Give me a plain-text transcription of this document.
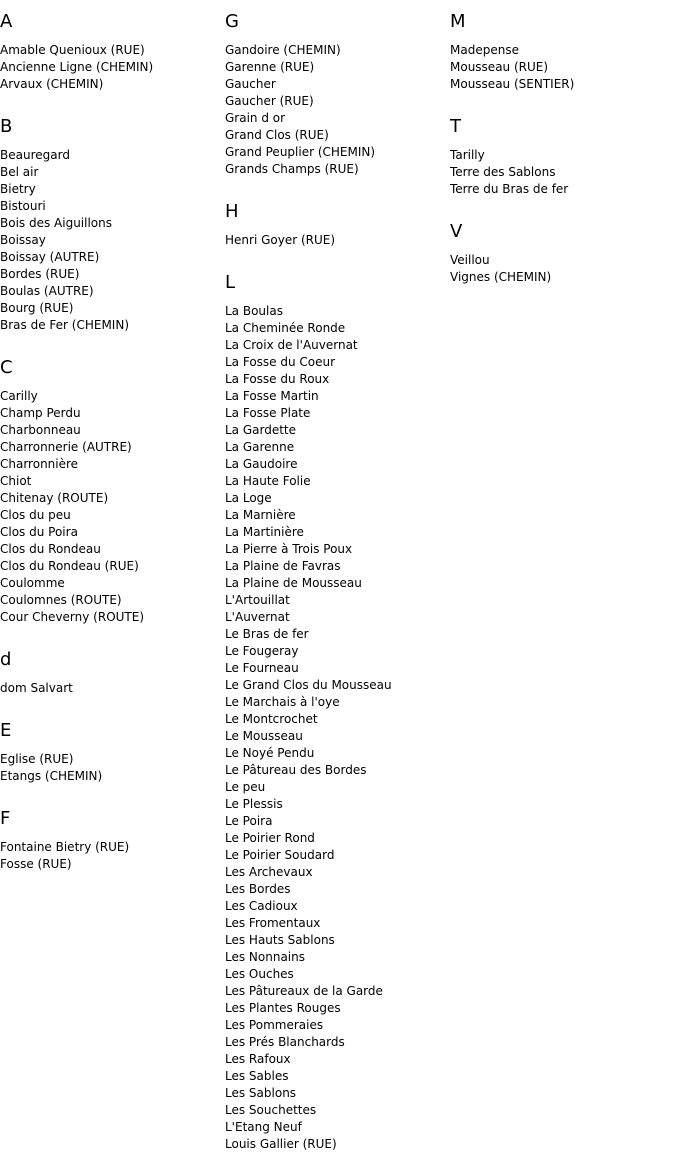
A
Amable Quenioux (RUE)
Ancienne Ligne (CHEMIN)
Arvaux (CHEMIN)
B
Beauregard
Bel air
Bietry
Bistouri
Bois des Aiguillons
Boissay
Boissay (AUTRE)
Bordes (RUE)
Boulas (AUTRE)
Bourg (RUE)
Bras de Fer (CHEMIN)
C
Carilly
Champ Perdu
Charbonneau
Charronnerie (AUTRE)
Charronnière
Chiot
Chitenay (ROUTE)
Clos du peu
Clos du Poira
Clos du Rondeau
Clos du Rondeau (RUE)
Coulomme
Coulomnes (ROUTE)
Cour Cheverny (ROUTE)
d
dom Salvart
E
Eglise (RUE)
Etangs (CHEMIN)
F
Fontaine Bietry (RUE)
Fosse (RUE)
G
Gandoire (CHEMIN)
Garenne (RUE)
Gaucher
Gaucher (RUE)
Grain d or
Grand Clos (RUE)
Grand Peuplier (CHEMIN)
Grands Champs (RUE)
H
Henri Goyer (RUE)
L
La Boulas
La Cheminée Ronde
La Croix de l'Auvernat
La Fosse du Coeur
La Fosse du Roux
La Fosse Martin
La Fosse Plate
La Gardette
La Garenne
La Gaudoire
La Haute Folie
La Loge
La Marnière
La Martinière
La Pierre à Trois Poux
La Plaine de Favras
La Plaine de Mousseau
L'Artouillat
L'Auvernat
Le Bras de fer
Le Fougeray
Le Fourneau
Le Grand Clos du Mousseau
Le Marchais à l'oye
Le Montcrochet
Le Mousseau
Le Noyé Pendu
Le Pâtureau des Bordes
Le peu
Le Plessis
Le Poira
Le Poirier Rond
Le Poirier Soudard
Les Archevaux
Les Bordes
Les Cadioux
Les Fromentaux
Les Hauts Sablons
Les Nonnains
Les Ouches
Les Pâtureaux de la Garde
Les Plantes Rouges
Les Pommeraies
Les Prés Blanchards
Les Rafoux
Les Sables
Les Sablons
Les Souchettes
L'Etang Neuf
Louis Gallier (RUE)
M
Madepense
Mousseau (RUE)
Mousseau (SENTIER)
T
Tarilly
Terre des Sablons
Terre du Bras de fer
V
Veillou
Vignes (CHEMIN)
